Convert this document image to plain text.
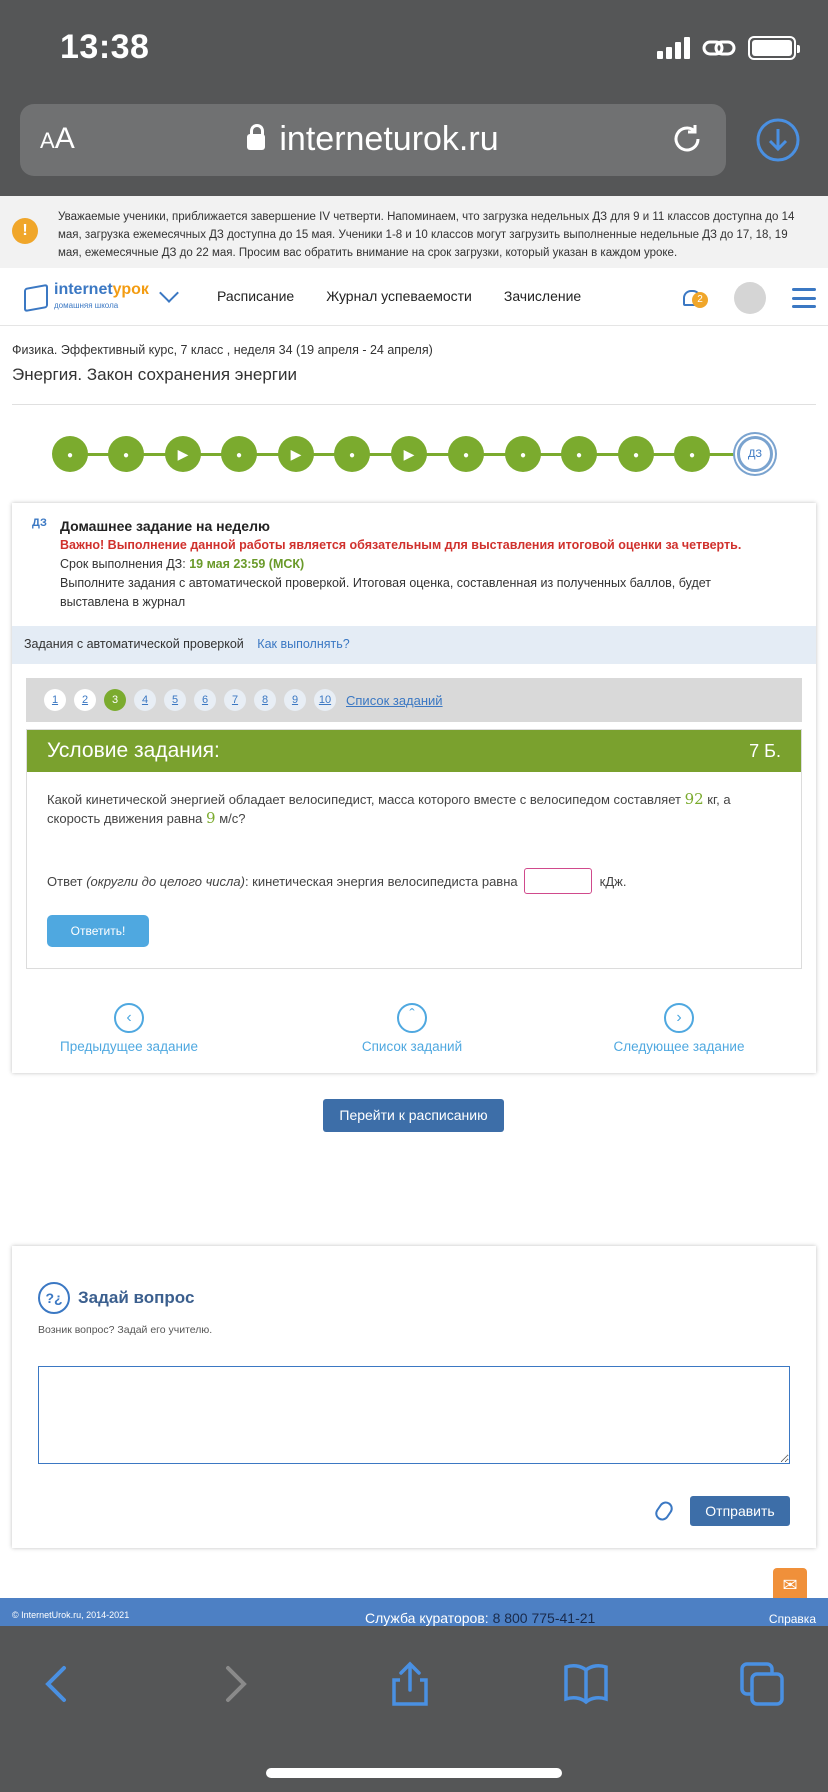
13:38
AA	interneturok.ru
!
Уважаемые ученики, приближается завершение IV четверти. Напоминаем, что загрузка недельных ДЗ для 9 и 11 классов доступна до 14 мая, загрузка ежемесячных ДЗ доступна до 15 мая. Ученики 1-8 и 10 классов могут загрузить выполненные недельные ДЗ до 17, 18, 19 мая, ежемесячные ДЗ до 22 мая. Просим вас обратить внимание на срок загрузки, который указан в каждом уроке.
internetурок
домашняя школа
Расписание Журнал успеваемости Зачисление	2
Физика. Эффективный курс, 7 класс , неделя 34 (19 апреля - 24 апреля)
Энергия. Закон сохранения энергии
●	●	▶	●	▶	●	▶	●	●	●	●	●	ДЗ
ДЗ Домашнее задание на неделю
Важно! Выполнение данной работы является обязательным для выставления итоговой оценки за четверть.
Срок выполнения ДЗ: 19 мая 23:59 (МСК)
Выполните задания с автоматической проверкой. Итоговая оценка, составленная из полученных баллов, будет выставлена в журнал
Задания с автоматической проверкой Как выполнять?
1	2	3	4	5	6	7	8	9	10	Список заданий
Условие задания:	7 Б.
Какой кинетической энергией обладает велосипедист, масса которого вместе с велосипедом составляет 92 кг, а скорость движения равна 9 м/с?
Ответ
(округли до целого числа) : кинетическая энергия велосипедиста равна	кДж.
Ответить!
‹
Предыдущее задание
ˆ
Список заданий
›
Следующее задание
Перейти к расписанию
?¿ Задай вопрос
Возник вопрос? Задай его учителю.
Отправить
✉
© InternetUrok.ru, 2014-2021	Служба кураторов: 8 800 775-41-21	Справка
